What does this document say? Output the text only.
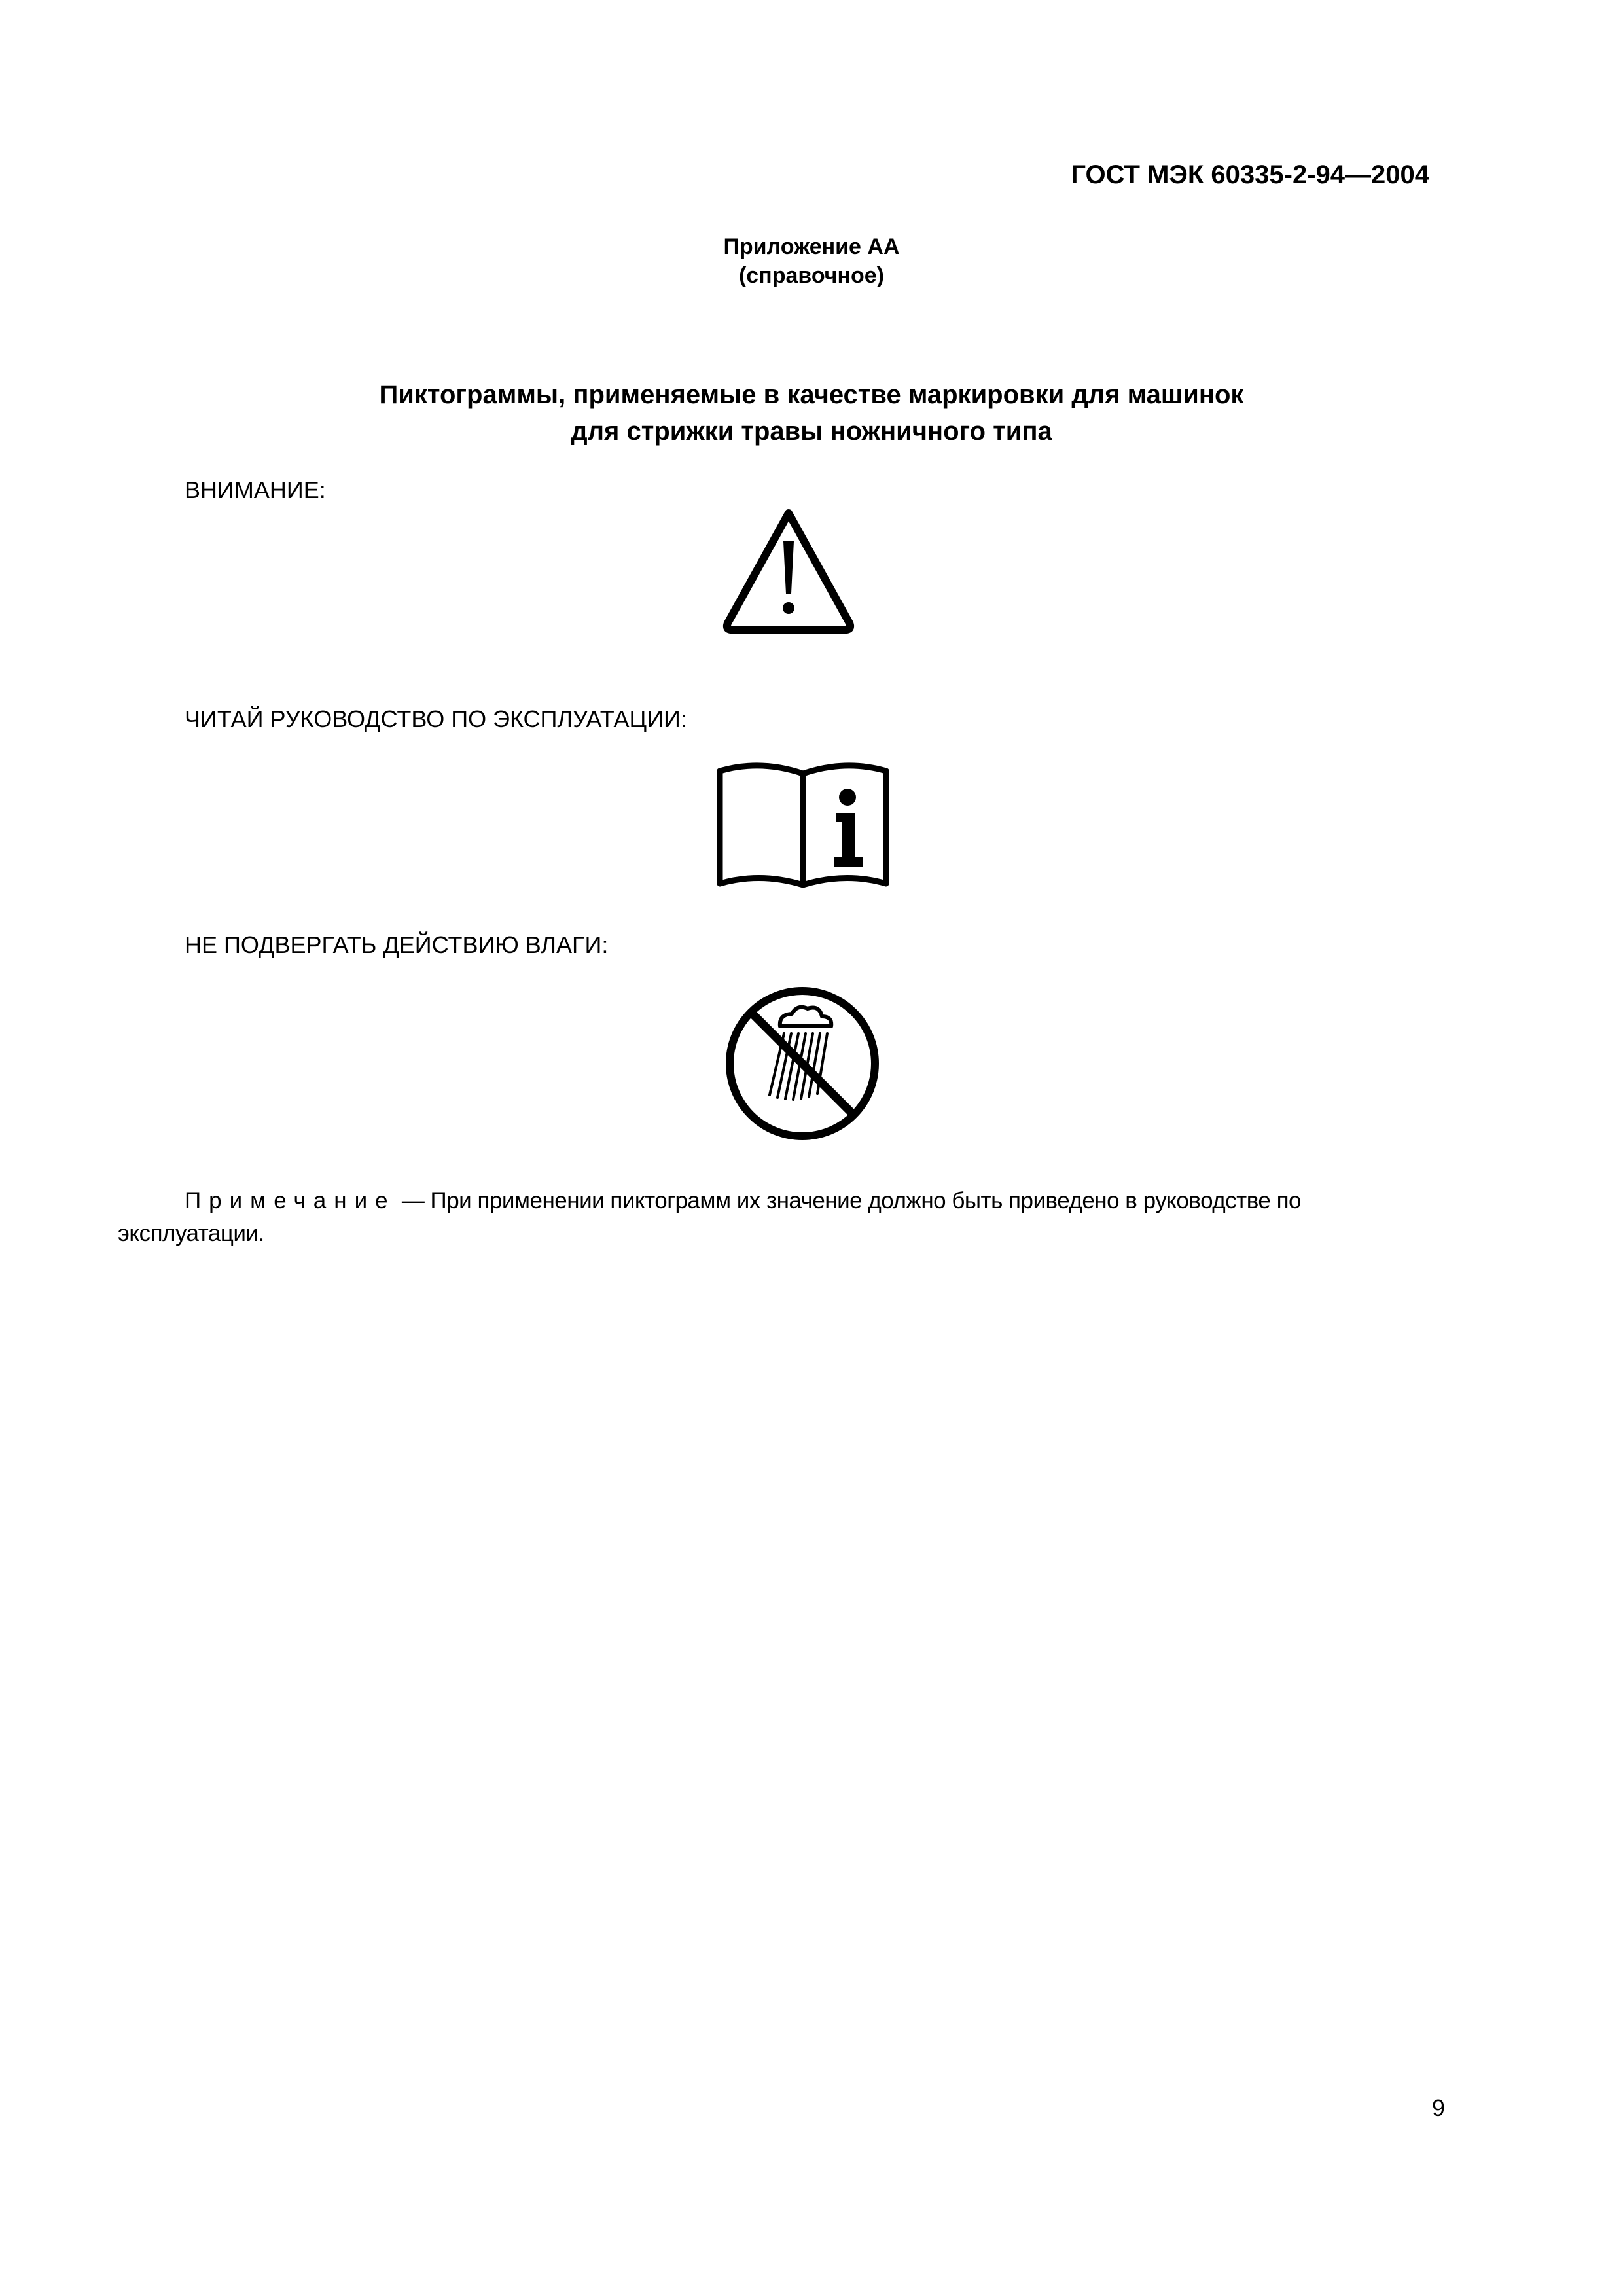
ГОСТ МЭК 60335-2-94—2004
Приложение АА
(справочное)
Пиктограммы, применяемые в качестве маркировки для машинок
для стрижки травы ножничного типа
ВНИМАНИЕ:
ЧИТАЙ РУКОВОДСТВО ПО ЭКСПЛУАТАЦИИ:
НЕ ПОДВЕРГАТЬ ДЕЙСТВИЮ ВЛАГИ:
Примечание — При применении пиктограмм их значение должно быть приведено в руководстве по эксплуатации.
9
